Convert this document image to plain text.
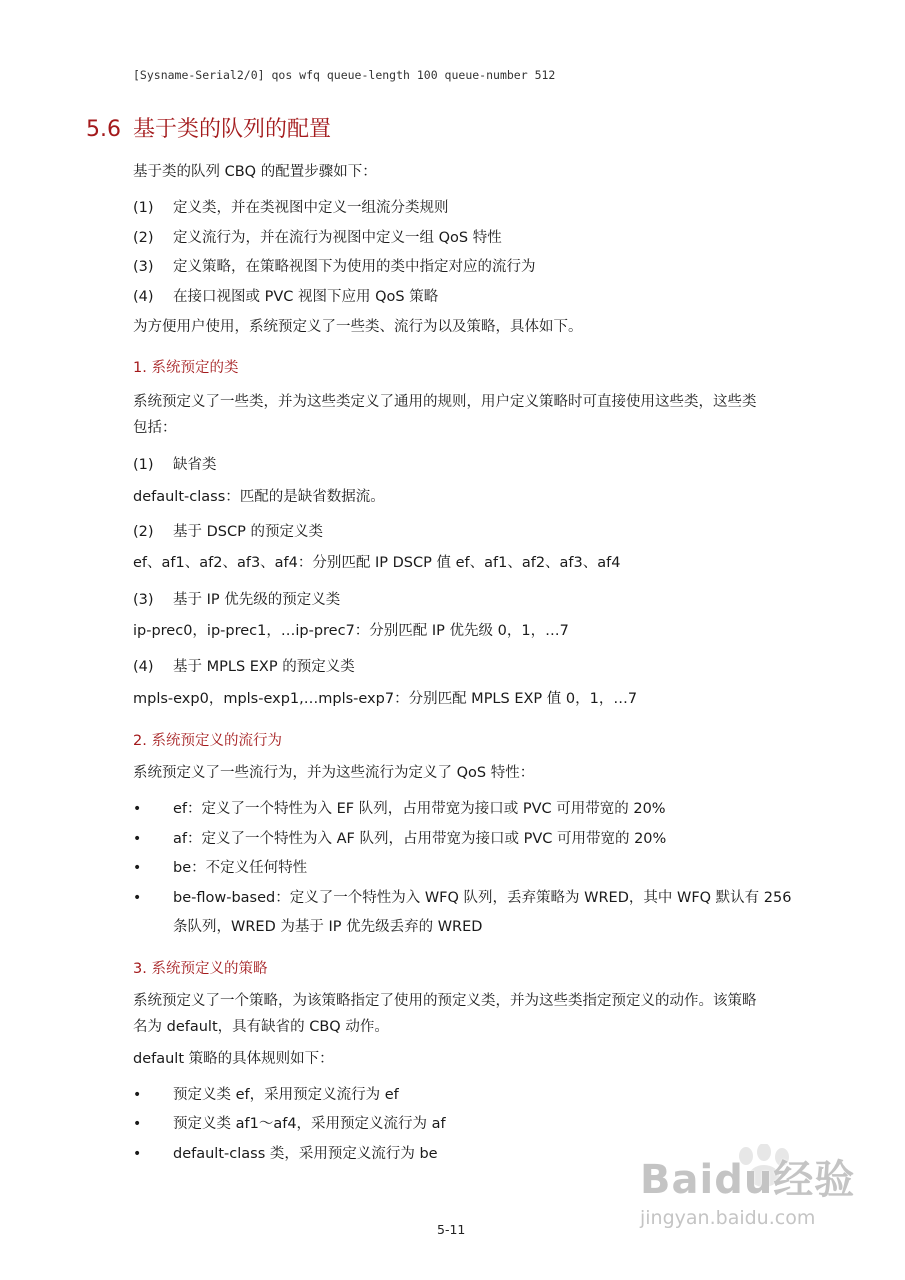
[Sysname-Serial2/0] qos wfq queue-length 100 queue-number 512
5.6 基于类的队列的配置
基于类的队列 CBQ 的配置步骤如下：
(1) 定义类，并在类视图中定义一组流分类规则
(2) 定义流行为，并在流行为视图中定义一组 QoS 特性
(3) 定义策略，在策略视图下为使用的类中指定对应的流行为
(4) 在接口视图或 PVC 视图下应用 QoS 策略
为方便用户使用，系统预定义了一些类、流行为以及策略，具体如下。
1. 系统预定的类
系统预定义了一些类，并为这些类定义了通用的规则，用户定义策略时可直接使用这些类，这些类
包括：
(1) 缺省类
default-class：匹配的是缺省数据流。
(2) 基于 DSCP 的预定义类
ef、af1、af2、af3、af4：分别匹配 IP DSCP 值 ef、af1、af2、af3、af4
(3) 基于 IP 优先级的预定义类
ip-prec0，ip-prec1，…ip-prec7：分别匹配 IP 优先级 0，1，…7
(4) 基于 MPLS EXP 的预定义类
mpls-exp0，mpls-exp1,…mpls-exp7：分别匹配 MPLS EXP 值 0，1，…7
2. 系统预定义的流行为
系统预定义了一些流行为，并为这些流行为定义了 QoS 特性：
•	ef：定义了一个特性为入 EF 队列，占用带宽为接口或 PVC 可用带宽的 20%
•	af：定义了一个特性为入 AF 队列，占用带宽为接口或 PVC 可用带宽的 20%
•	be：不定义任何特性
•	be-flow-based：定义了一个特性为入 WFQ 队列，丢弃策略为 WRED，其中 WFQ 默认有 256
条队列，WRED 为基于 IP 优先级丢弃的 WRED
3. 系统预定义的策略
系统预定义了一个策略，为该策略指定了使用的预定义类，并为这些类指定预定义的动作。该策略
名为 default，具有缺省的 CBQ 动作。
default 策略的具体规则如下：
•	预定义类 ef，采用预定义流行为 ef
•	预定义类 af1～af4，采用预定义流行为 af
•	default-class 类，采用预定义流行为 be
5-11
Baidu经验
jingyan.baidu.com
